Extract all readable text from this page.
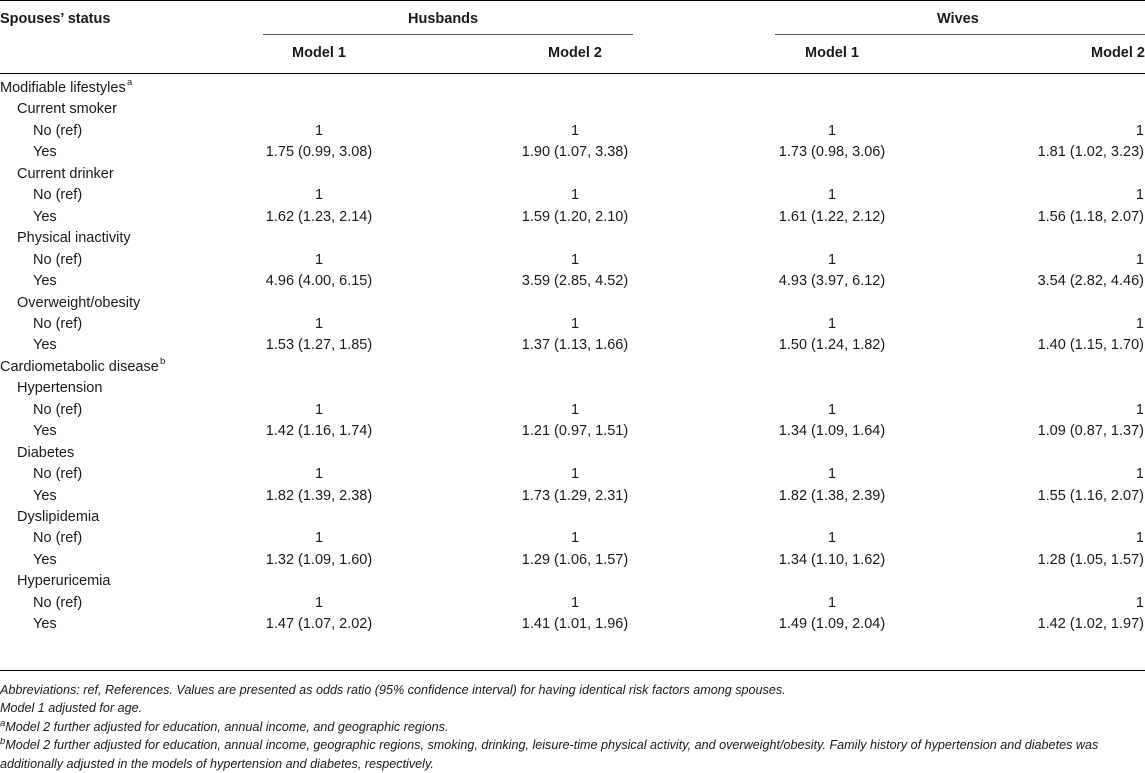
Spouses’ status	Husbands	Wives
Model 1	Model 2	Model 1	Model 2
Modifiable lifestyles a
Current smoker
No (ref)	1	1	1	1
Yes	1.75 (0.99, 3.08)	1.90 (1.07, 3.38)	1.73 (0.98, 3.06)	1.81 (1.02, 3.23)
Current drinker
No (ref)	1	1	1	1
Yes	1.62 (1.23, 2.14)	1.59 (1.20, 2.10)	1.61 (1.22, 2.12)	1.56 (1.18, 2.07)
Physical inactivity
No (ref)	1	1	1	1
Yes	4.96 (4.00, 6.15)	3.59 (2.85, 4.52)	4.93 (3.97, 6.12)	3.54 (2.82, 4.46)
Overweight/obesity
No (ref)	1	1	1	1
Yes	1.53 (1.27, 1.85)	1.37 (1.13, 1.66)	1.50 (1.24, 1.82)	1.40 (1.15, 1.70)
Cardiometabolic disease b
Hypertension
No (ref)	1	1	1	1
Yes	1.42 (1.16, 1.74)	1.21 (0.97, 1.51)	1.34 (1.09, 1.64)	1.09 (0.87, 1.37)
Diabetes
No (ref)	1	1	1	1
Yes	1.82 (1.39, 2.38)	1.73 (1.29, 2.31)	1.82 (1.38, 2.39)	1.55 (1.16, 2.07)
Dyslipidemia
No (ref)	1	1	1	1
Yes	1.32 (1.09, 1.60)	1.29 (1.06, 1.57)	1.34 (1.10, 1.62)	1.28 (1.05, 1.57)
Hyperuricemia
No (ref)	1	1	1	1
Yes	1.47 (1.07, 2.02)	1.41 (1.01, 1.96)	1.49 (1.09, 2.04)	1.42 (1.02, 1.97)
Abbreviations: ref, References. Values are presented as odds ratio (95% confidence interval) for having identical risk factors among spouses.
Model 1 adjusted for age.
$^a$Model 2 further adjusted for education, annual income, and geographic regions.
$^b$Model 2 further adjusted for education, annual income, geographic regions, smoking, drinking, leisure-time physical activity, and overweight/obesity. Family history of hypertension and diabetes was additionally adjusted in the models of hypertension and diabetes, respectively.
